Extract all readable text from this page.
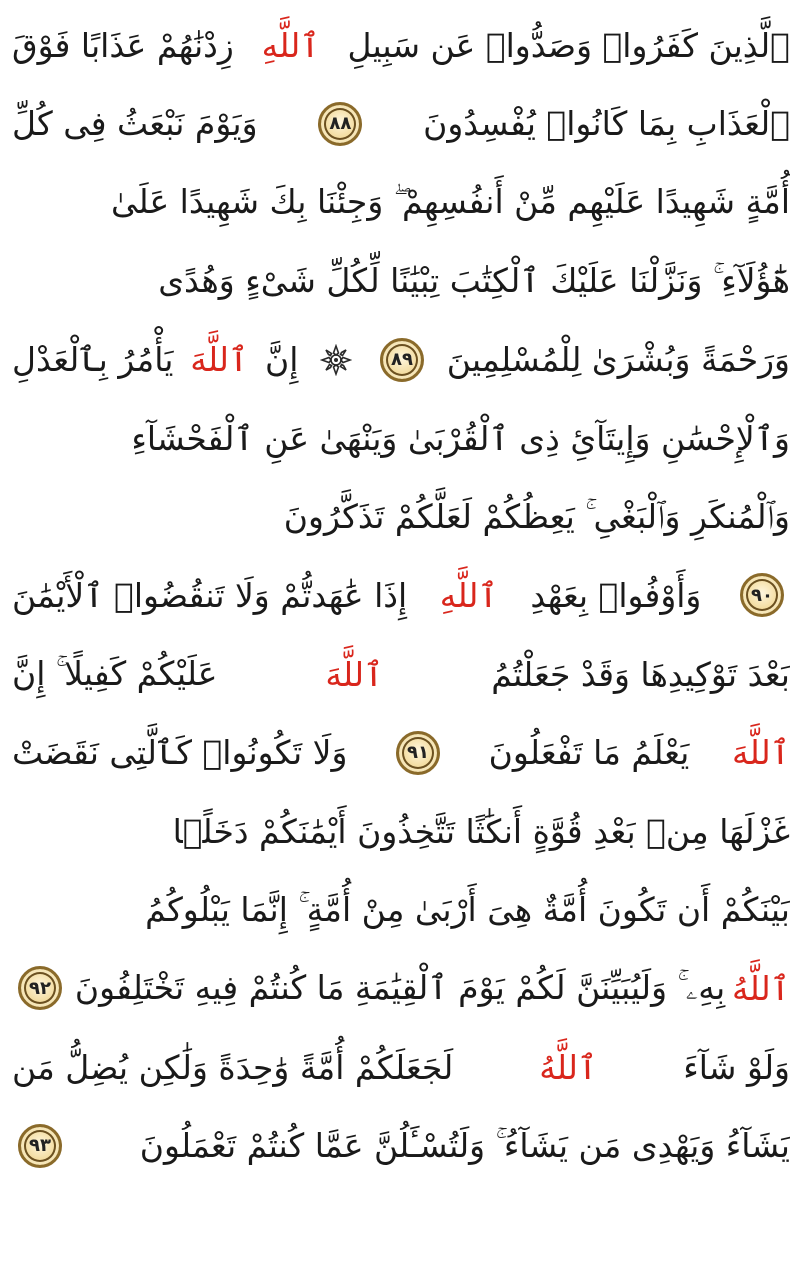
ٱلَّذِينَ كَفَرُوا۟ وَصَدُّوا۟ عَن سَبِيلِ
ٱللَّهِ
زِدْنَٰهُمْ عَذَابًا فَوْقَ
ٱلْعَذَابِ بِمَا كَانُوا۟ يُفْسِدُونَ
٨٨
وَيَوْمَ نَبْعَثُ فِى كُلِّ
أُمَّةٍ شَهِيدًا عَلَيْهِم مِّنْ أَنفُسِهِمْ ۖ وَجِئْنَا بِكَ شَهِيدًا عَلَىٰ
هَٰٓؤُلَآءِ ۚ وَنَزَّلْنَا عَلَيْكَ ٱلْكِتَٰبَ تِبْيَٰنًا لِّكُلِّ شَىْءٍ وَهُدًى
وَرَحْمَةً وَبُشْرَىٰ لِلْمُسْلِمِينَ
٨٩
إِنَّ
ٱللَّهَ
يَأْمُرُ بِٱلْعَدْلِ
وَٱلْإِحْسَٰنِ وَإِيتَآئِ ذِى ٱلْقُرْبَىٰ وَيَنْهَىٰ عَنِ ٱلْفَحْشَآءِ
وَٱلْمُنكَرِ وَٱلْبَغْىِ ۚ يَعِظُكُمْ لَعَلَّكُمْ تَذَكَّرُونَ
٩٠
وَأَوْفُوا۟ بِعَهْدِ
ٱللَّهِ
إِذَا عَٰهَدتُّمْ وَلَا تَنقُضُوا۟ ٱلْأَيْمَٰنَ
بَعْدَ تَوْكِيدِهَا وَقَدْ جَعَلْتُمُ
ٱللَّهَ
عَلَيْكُمْ كَفِيلًا ۚ إِنَّ
ٱللَّهَ
يَعْلَمُ مَا تَفْعَلُونَ
٩١
وَلَا تَكُونُوا۟ كَٱلَّتِى نَقَضَتْ
غَزْلَهَا مِنۢ بَعْدِ قُوَّةٍ أَنكَٰثًا تَتَّخِذُونَ أَيْمَٰنَكُمْ دَخَلًۢا
بَيْنَكُمْ أَن تَكُونَ أُمَّةٌ هِىَ أَرْبَىٰ مِنْ أُمَّةٍ ۚ إِنَّمَا يَبْلُوكُمُ
ٱللَّهُ
بِهِۦ ۚ وَلَيُبَيِّنَنَّ لَكُمْ يَوْمَ ٱلْقِيَٰمَةِ مَا كُنتُمْ فِيهِ تَخْتَلِفُونَ
٩٢
وَلَوْ شَآءَ
ٱللَّهُ
لَجَعَلَكُمْ أُمَّةً وَٰحِدَةً وَلَٰكِن يُضِلُّ مَن
يَشَآءُ وَيَهْدِى مَن يَشَآءُ ۚ وَلَتُسْـَٔلُنَّ عَمَّا كُنتُمْ تَعْمَلُونَ
٩٣
